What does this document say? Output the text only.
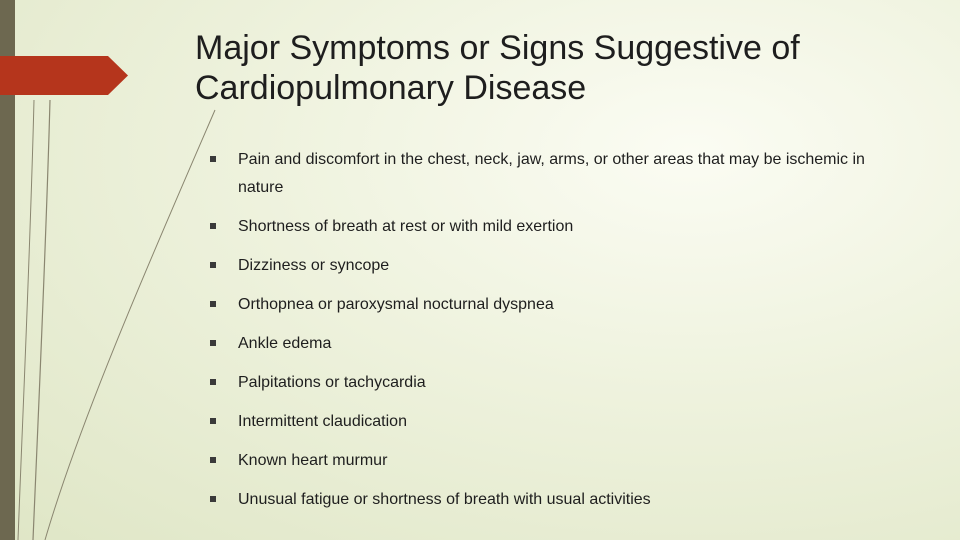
Major Symptoms or Signs Suggestive of Cardiopulmonary Disease
Pain and discomfort in the chest, neck, jaw, arms, or other areas that may be ischemic in nature
Shortness of breath at rest or with mild exertion
Dizziness or syncope
Orthopnea or paroxysmal nocturnal dyspnea
Ankle edema
Palpitations or tachycardia
Intermittent claudication
Known heart murmur
Unusual fatigue or shortness of breath with usual activities
